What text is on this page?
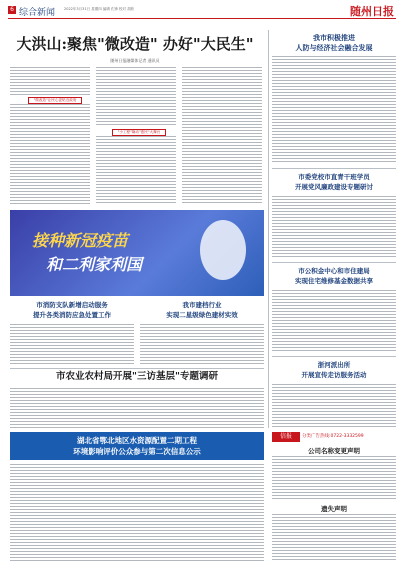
6 综合新闻	2022年3月31日 星期四 编辑 孔锋 校对 胡欣	随州日报
大洪山:聚焦"微改造" 办好"大民生"
随州日报融媒体记者 通讯员
"微改造"让民心更贴近政府
"小工程"撬动"惠民"大舞台
我市积极推进
人防与经济社会融合发展
市委党校市直青干班学员
开展党风廉政建设专题研讨
接种新冠疫苗
和二利家利国	市公积金中心和市住建局
实现住宅维修基金数据共享
浙河派出所
开展宣传走访服务活动
市消防支队新增启动服务
提升各类消防应急处置工作
我市建档行业
实现二星级绿色建材实效
市农业农村局开展"三访基层"专题调研
湖北省鄂北地区水资源配置二期工程
环境影响评价公众参与第二次信息公示
信报	分类广告热线:0722-3332599
公司名称变更声明
遗失声明
